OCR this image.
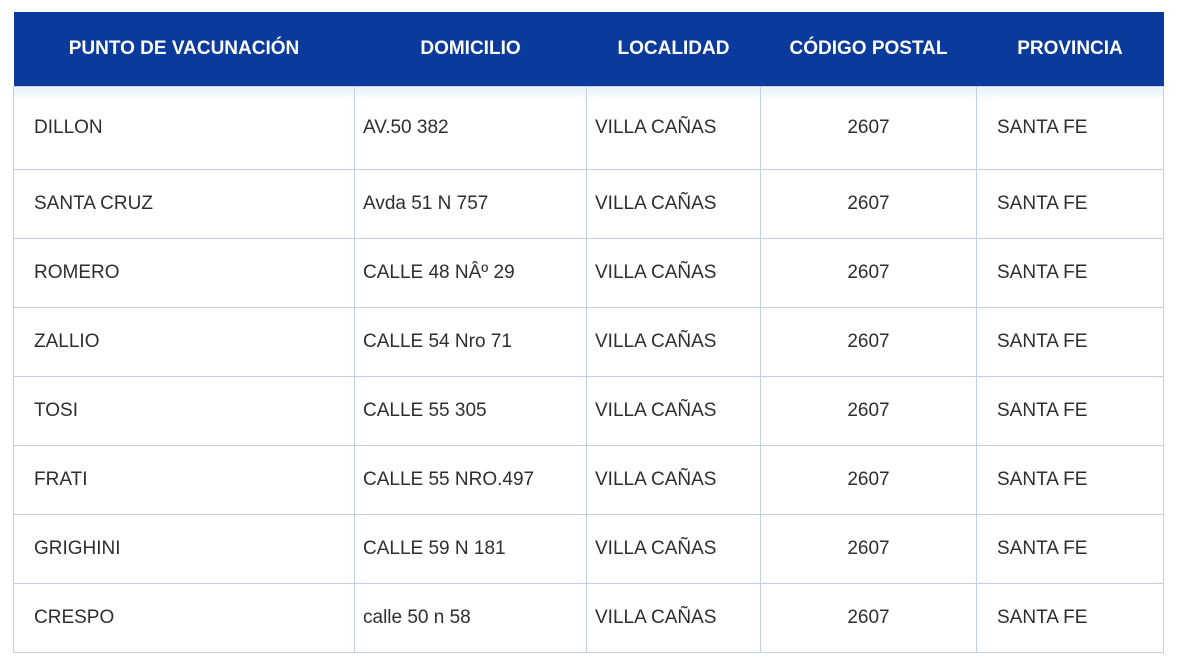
PUNTO DE VACUNACIÓN	DOMICILIO	LOCALIDAD	CÓDIGO POSTAL	PROVINCIA
DILLON	AV.50 382	VILLA CAÑAS	2607	SANTA FE
SANTA CRUZ	Avda 51 N 757	VILLA CAÑAS	2607	SANTA FE
ROMERO	CALLE 48 NÂº 29	VILLA CAÑAS	2607	SANTA FE
ZALLIO	CALLE 54 Nro 71	VILLA CAÑAS	2607	SANTA FE
TOSI	CALLE 55 305	VILLA CAÑAS	2607	SANTA FE
FRATI	CALLE 55 NRO.497	VILLA CAÑAS	2607	SANTA FE
GRIGHINI	CALLE 59 N 181	VILLA CAÑAS	2607	SANTA FE
CRESPO	calle 50 n 58	VILLA CAÑAS	2607	SANTA FE
